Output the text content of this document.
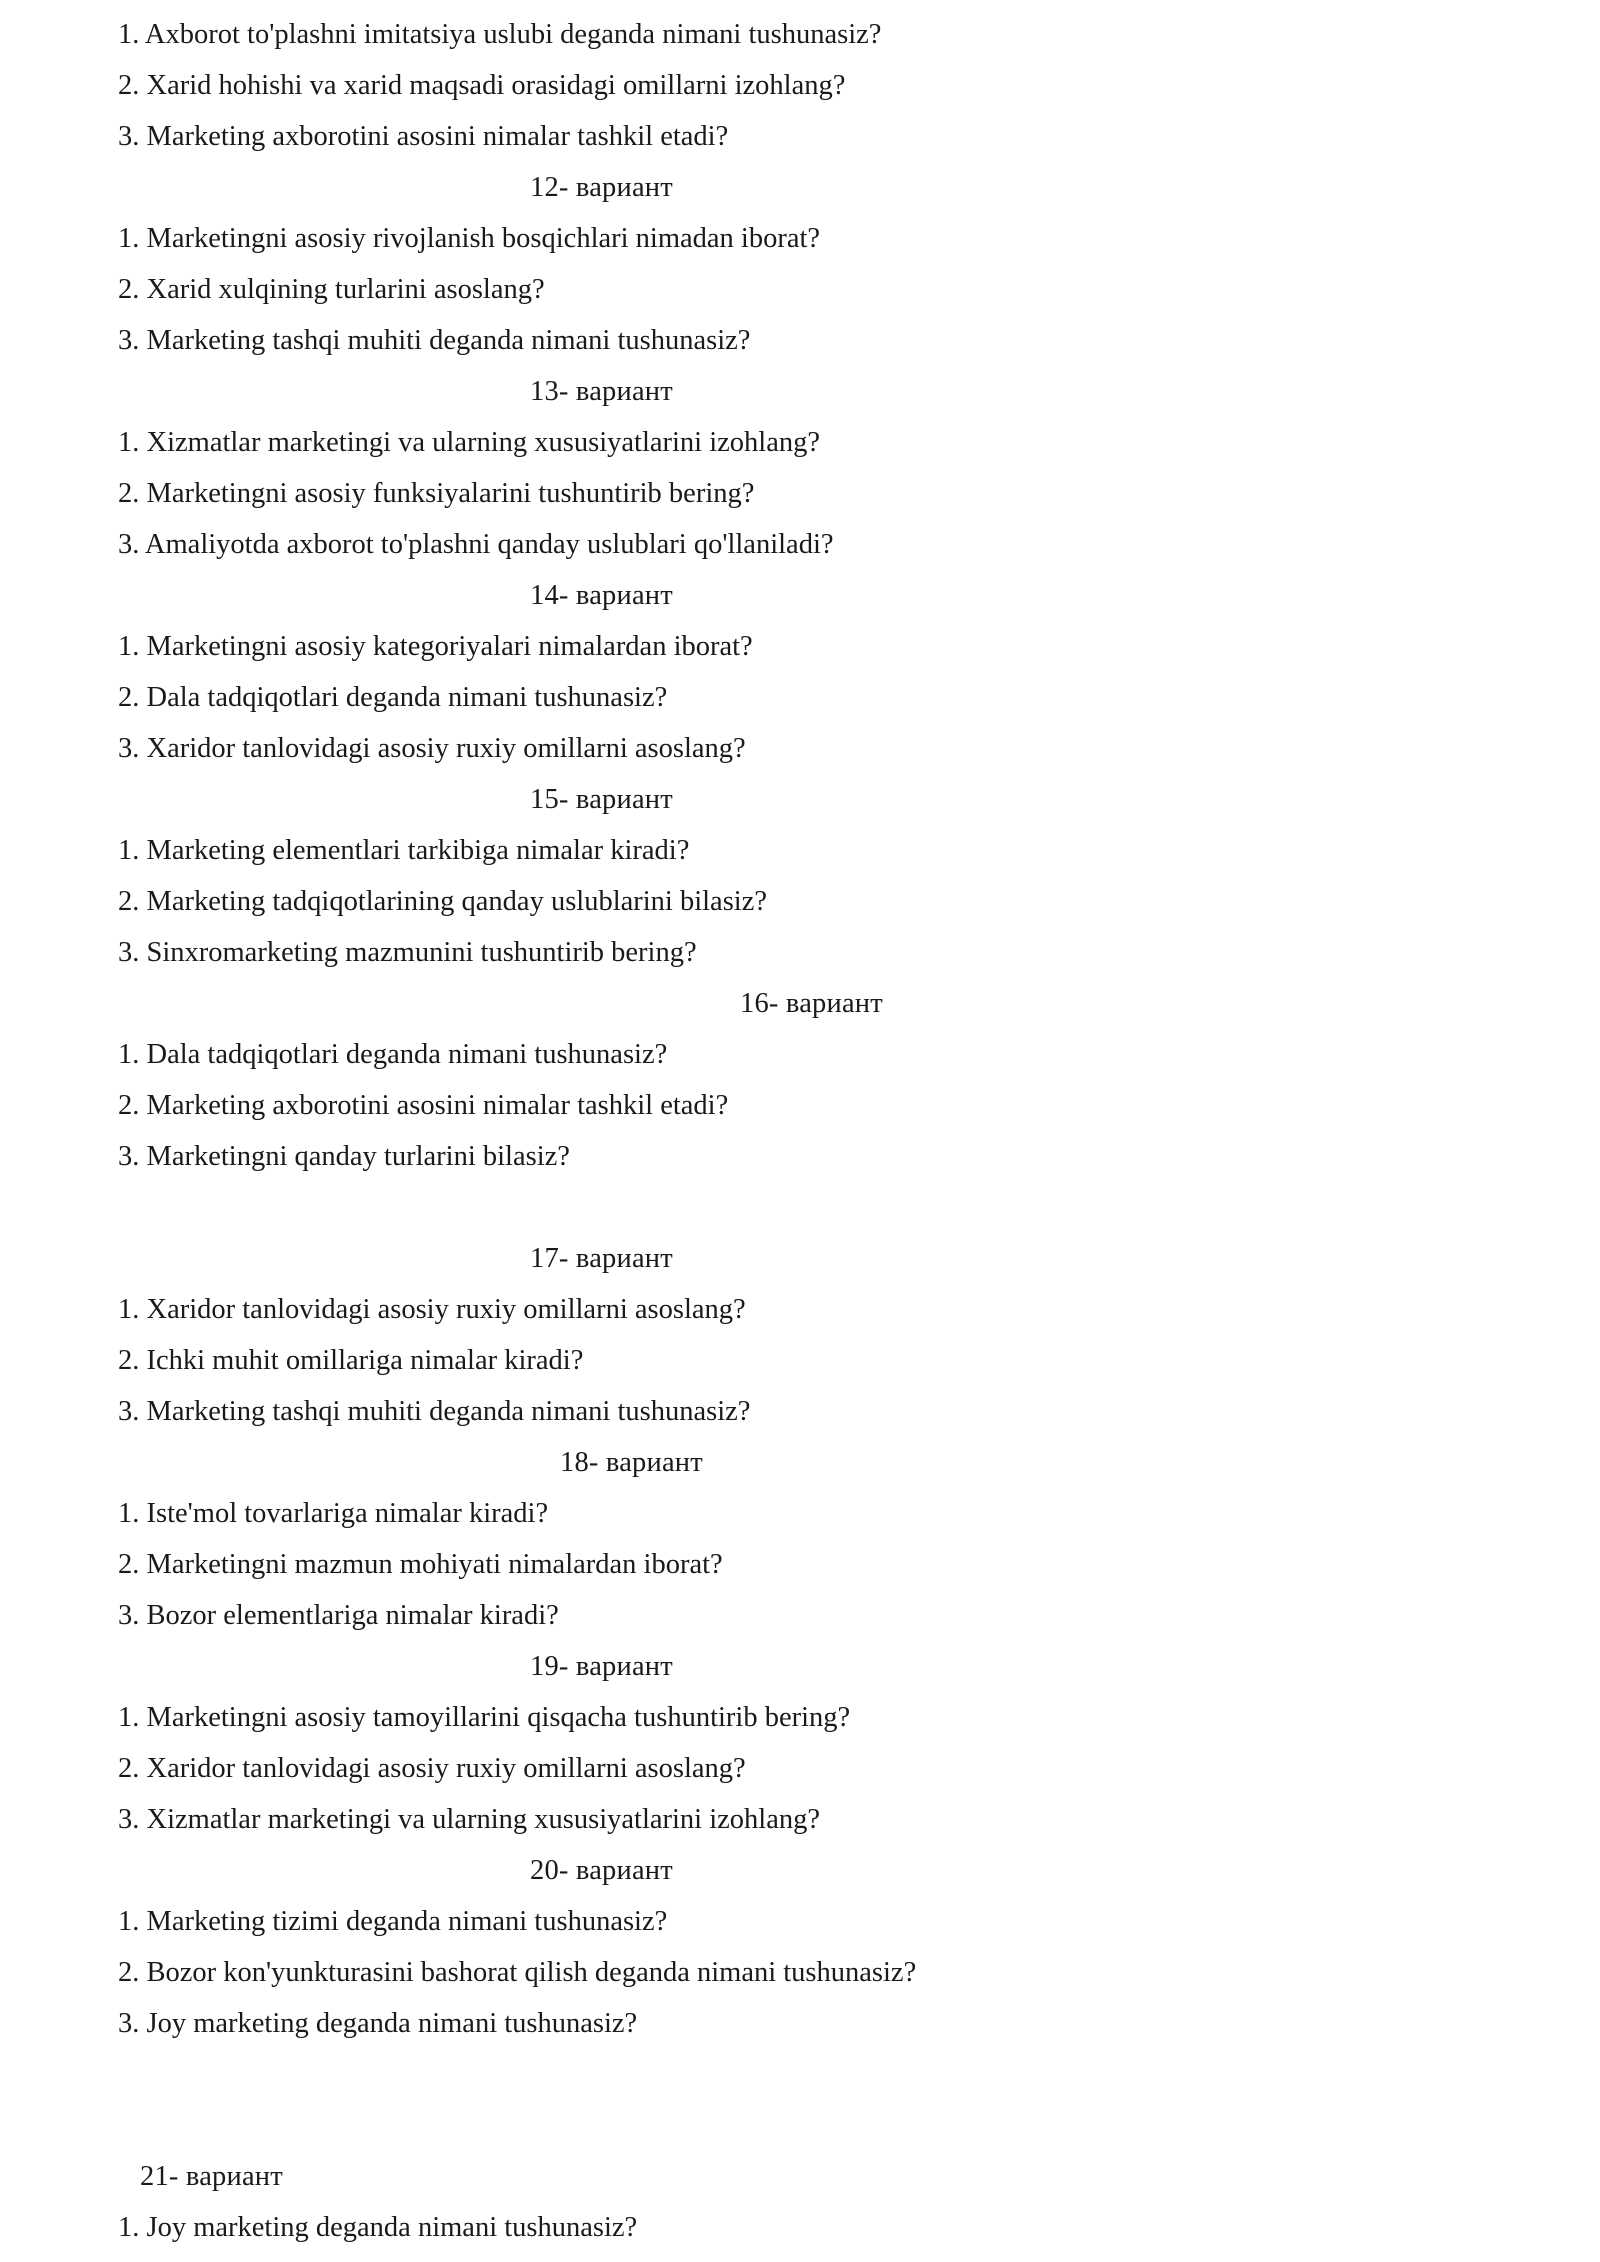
1. Axborot to'plashni imitatsiya uslubi deganda nimani tushunasiz?
2. Xarid hohishi va xarid maqsadi orasidagi omillarni izohlang?
3. Marketing axborotini asosini nimalar tashkil etadi?
12- вариант
1. Marketingni asosiy rivojlanish bosqichlari nimadan iborat?
2. Xarid xulqining turlarini asoslang?
3. Marketing tashqi muhiti deganda nimani tushunasiz?
13- вариант
1. Xizmatlar marketingi va ularning xususiyatlarini izohlang?
2. Marketingni asosiy funksiyalarini tushuntirib bering?
3. Amaliyotda axborot to'plashni qanday uslublari qo'llaniladi?
14- вариант
1. Marketingni asosiy kategoriyalari nimalardan iborat?
2. Dala tadqiqotlari deganda nimani tushunasiz?
3. Xaridor tanlovidagi asosiy ruxiy omillarni asoslang?
15- вариант
1. Marketing elementlari tarkibiga nimalar kiradi?
2. Marketing tadqiqotlarining qanday uslublarini bilasiz?
3. Sinxromarketing mazmunini tushuntirib bering?
16- вариант
1. Dala tadqiqotlari deganda nimani tushunasiz?
2. Marketing axborotini asosini nimalar tashkil etadi?
3. Marketingni qanday turlarini bilasiz?
17- вариант
1. Xaridor tanlovidagi asosiy ruxiy omillarni asoslang?
2. Ichki muhit omillariga nimalar kiradi?
3. Marketing tashqi muhiti deganda nimani tushunasiz?
18- вариант
1. Iste'mol tovarlariga nimalar kiradi?
2. Marketingni mazmun mohiyati nimalardan iborat?
3. Bozor elementlariga nimalar kiradi?
19- вариант
1. Marketingni asosiy tamoyillarini qisqacha tushuntirib bering?
2. Xaridor tanlovidagi asosiy ruxiy omillarni asoslang?
3. Xizmatlar marketingi va ularning xususiyatlarini izohlang?
20- вариант
1. Marketing tizimi deganda nimani tushunasiz?
2. Bozor kon'yunkturasini bashorat qilish deganda nimani tushunasiz?
3. Joy marketing deganda nimani tushunasiz?
21- вариант
1. Joy marketing deganda nimani tushunasiz?
